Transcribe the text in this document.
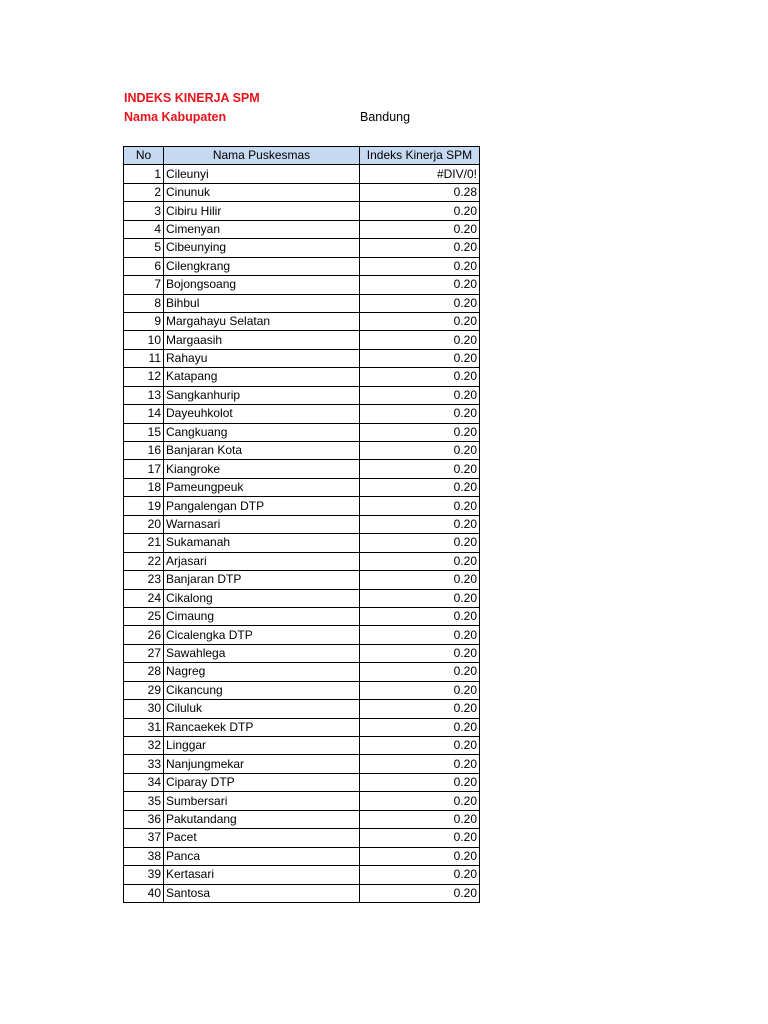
INDEKS KINERJA SPM
Nama Kabupaten	Bandung
No	Nama Puskesmas	Indeks Kinerja SPM
1	Cileunyi	#DIV/0!
2	Cinunuk	0.28
3	Cibiru Hilir	0.20
4	Cimenyan	0.20
5	Cibeunying	0.20
6	Cilengkrang	0.20
7	Bojongsoang	0.20
8	Bihbul	0.20
9	Margahayu Selatan	0.20
10	Margaasih	0.20
11	Rahayu	0.20
12	Katapang	0.20
13	Sangkanhurip	0.20
14	Dayeuhkolot	0.20
15	Cangkuang	0.20
16	Banjaran Kota	0.20
17	Kiangroke	0.20
18	Pameungpeuk	0.20
19	Pangalengan DTP	0.20
20	Warnasari	0.20
21	Sukamanah	0.20
22	Arjasari	0.20
23	Banjaran DTP	0.20
24	Cikalong	0.20
25	Cimaung	0.20
26	Cicalengka DTP	0.20
27	Sawahlega	0.20
28	Nagreg	0.20
29	Cikancung	0.20
30	Ciluluk	0.20
31	Rancaekek DTP	0.20
32	Linggar	0.20
33	Nanjungmekar	0.20
34	Ciparay DTP	0.20
35	Sumbersari	0.20
36	Pakutandang	0.20
37	Pacet	0.20
38	Panca	0.20
39	Kertasari	0.20
40	Santosa	0.20
